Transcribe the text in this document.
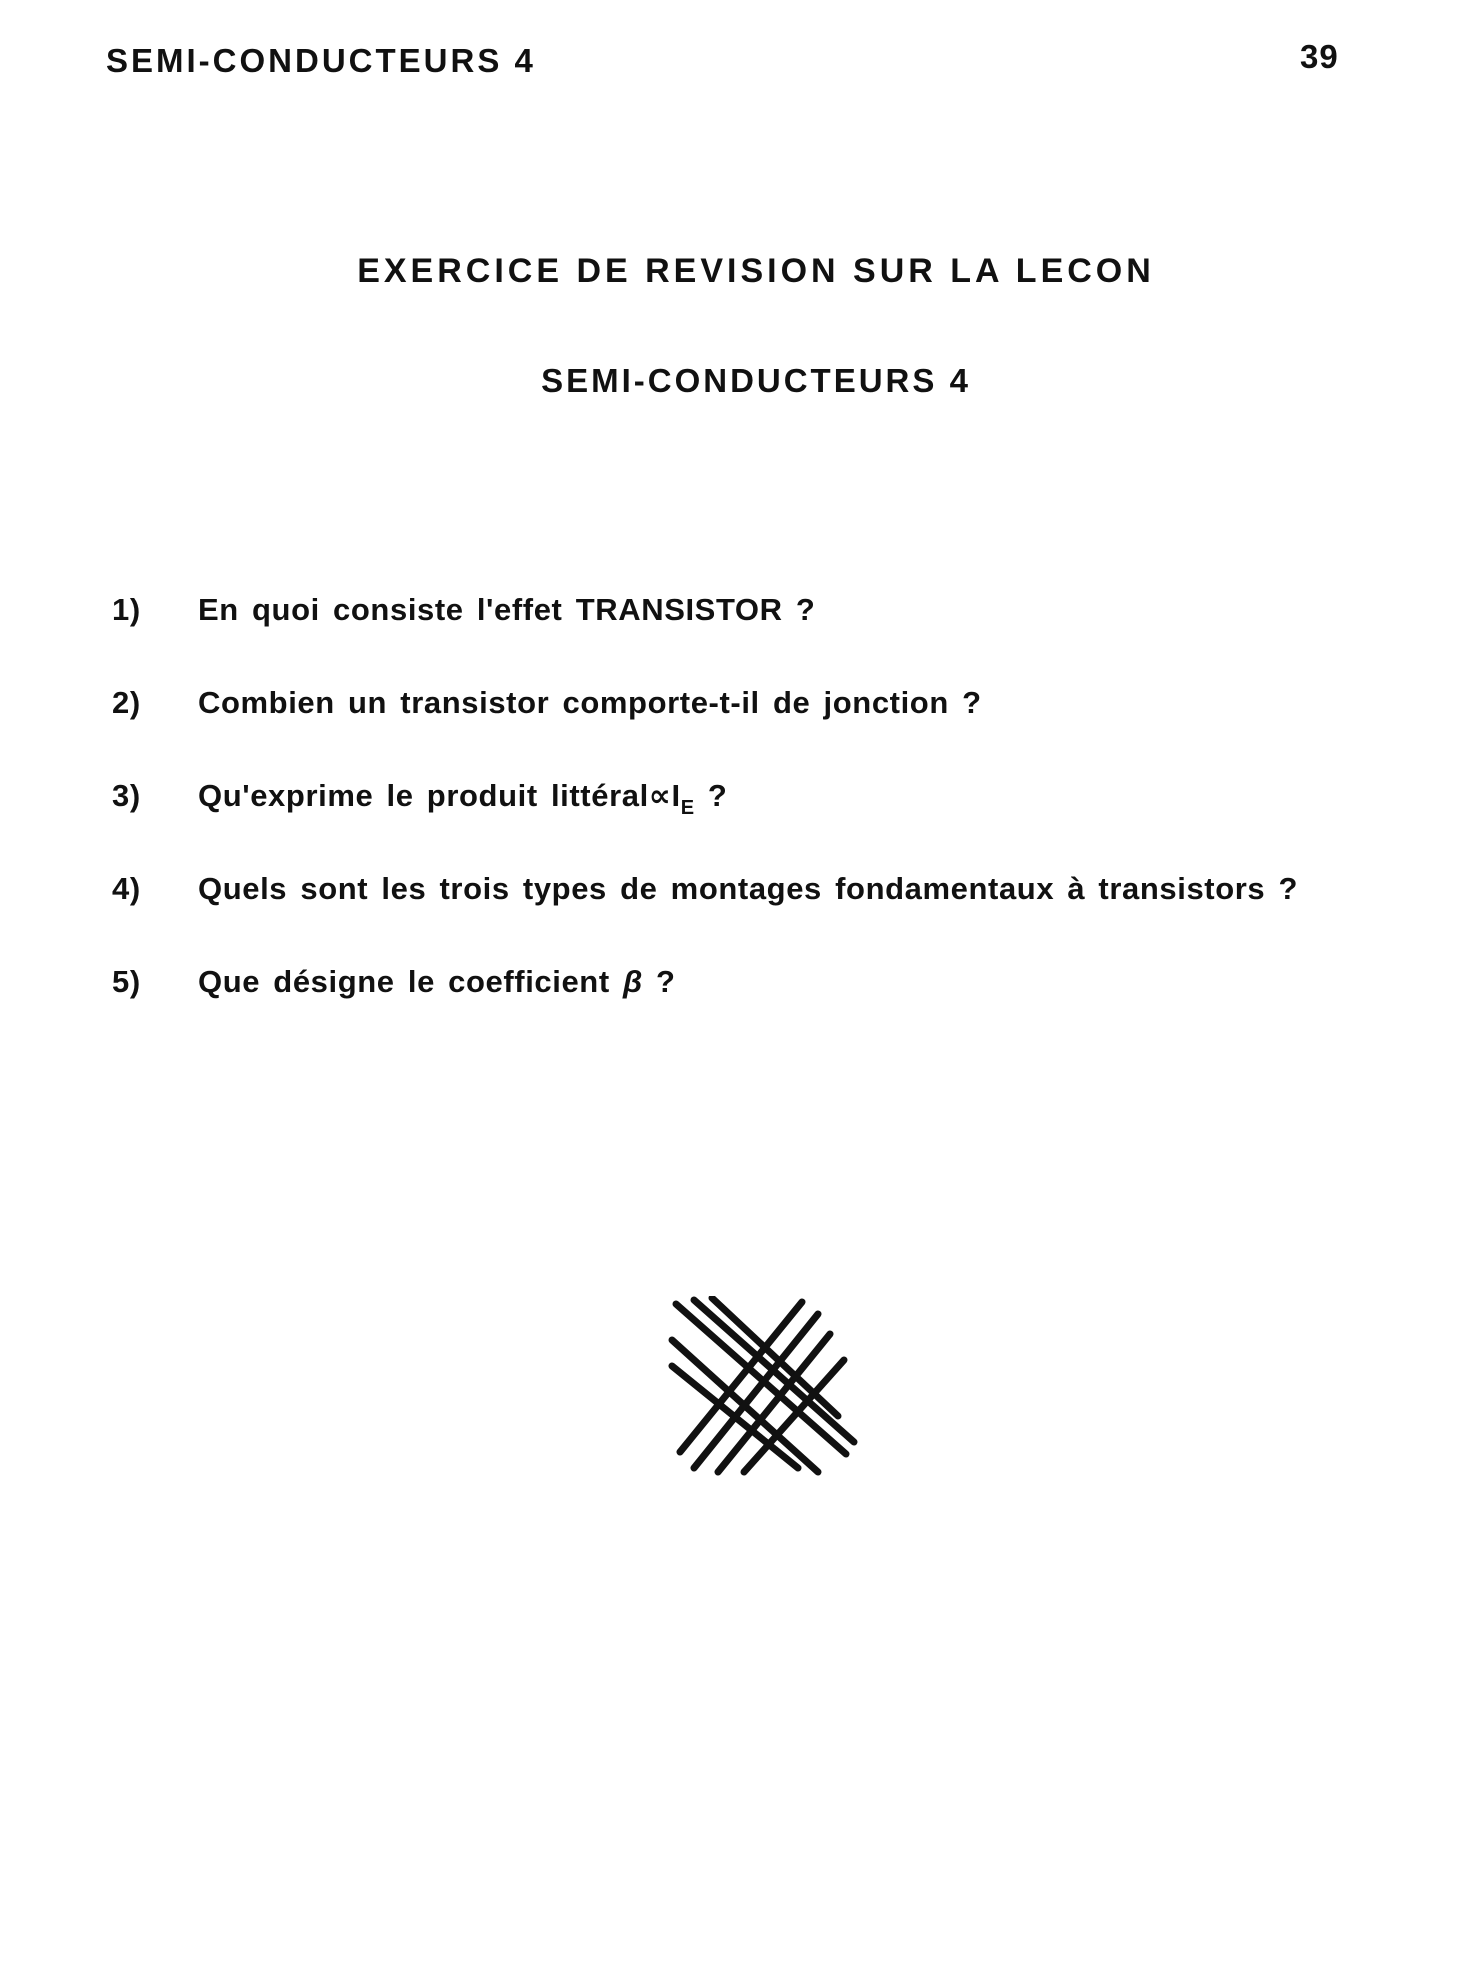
SEMI-CONDUCTEURS 4	39
EXERCICE DE REVISION SUR LA LECON
SEMI-CONDUCTEURS 4
1)	En quoi consiste l'effet TRANSISTOR ?
2)	Combien un transistor comporte-t-il de jonction ?
3)	Qu'exprime le produit $littéral\propto I_E$ ?
4)	Quels sont les trois types de montages fondamentaux à transistors ?
5)	Que désigne le coefficient β ?
